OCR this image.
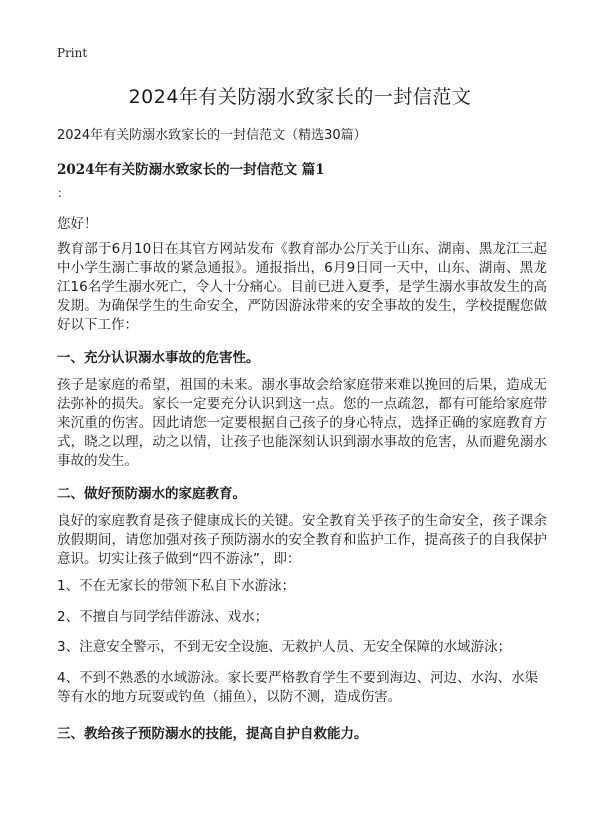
Print
2024年有关防溺水致家长的一封信范文
2024年有关防溺水致家长的一封信范文（精选30篇）
2024年有关防溺水致家长的一封信范文 篇1
：
您好！

教育部于6月10日在其官方网站发布《教育部办公厅关于山东、湖南、黑龙江三起中小学生溺亡事故的紧急通报》。通报指出，6月9日同一天中，山东、湖南、黑龙江16名学生溺水死亡，令人十分痛心。目前已进入夏季，是学生溺水事故发生的高发期。为确保学生的生命安全，严防因游泳带来的安全事故的发生，学校提醒您做好以下工作：

一、充分认识溺水事故的危害性。

孩子是家庭的希望，祖国的未来。溺水事故会给家庭带来难以挽回的后果，造成无法弥补的损失。家长一定要充分认识到这一点。您的一点疏忽，都有可能给家庭带来沉重的伤害。因此请您一定要根据自己孩子的身心特点，选择正确的家庭教育方式，晓之以理，动之以情，让孩子也能深刻认识到溺水事故的危害，从而避免溺水事故的发生。

二、做好预防溺水的家庭教育。

良好的家庭教育是孩子健康成长的关键。安全教育关乎孩子的生命安全，孩子课余放假期间，请您加强对孩子预防溺水的安全教育和监护工作，提高孩子的自我保护意识。切实让孩子做到“四不游泳”，即：

1、不在无家长的带领下私自下水游泳；

2、不擅自与同学结伴游泳、戏水；

3、注意安全警示，不到无安全设施、无救护人员、无安全保障的水域游泳；

4、不到不熟悉的水域游泳。家长要严格教育学生不要到海边、河边、水沟、水渠等有水的地方玩耍或钓鱼（捕鱼），以防不测，造成伤害。

三、教给孩子预防溺水的技能，提高自护自救能力。
